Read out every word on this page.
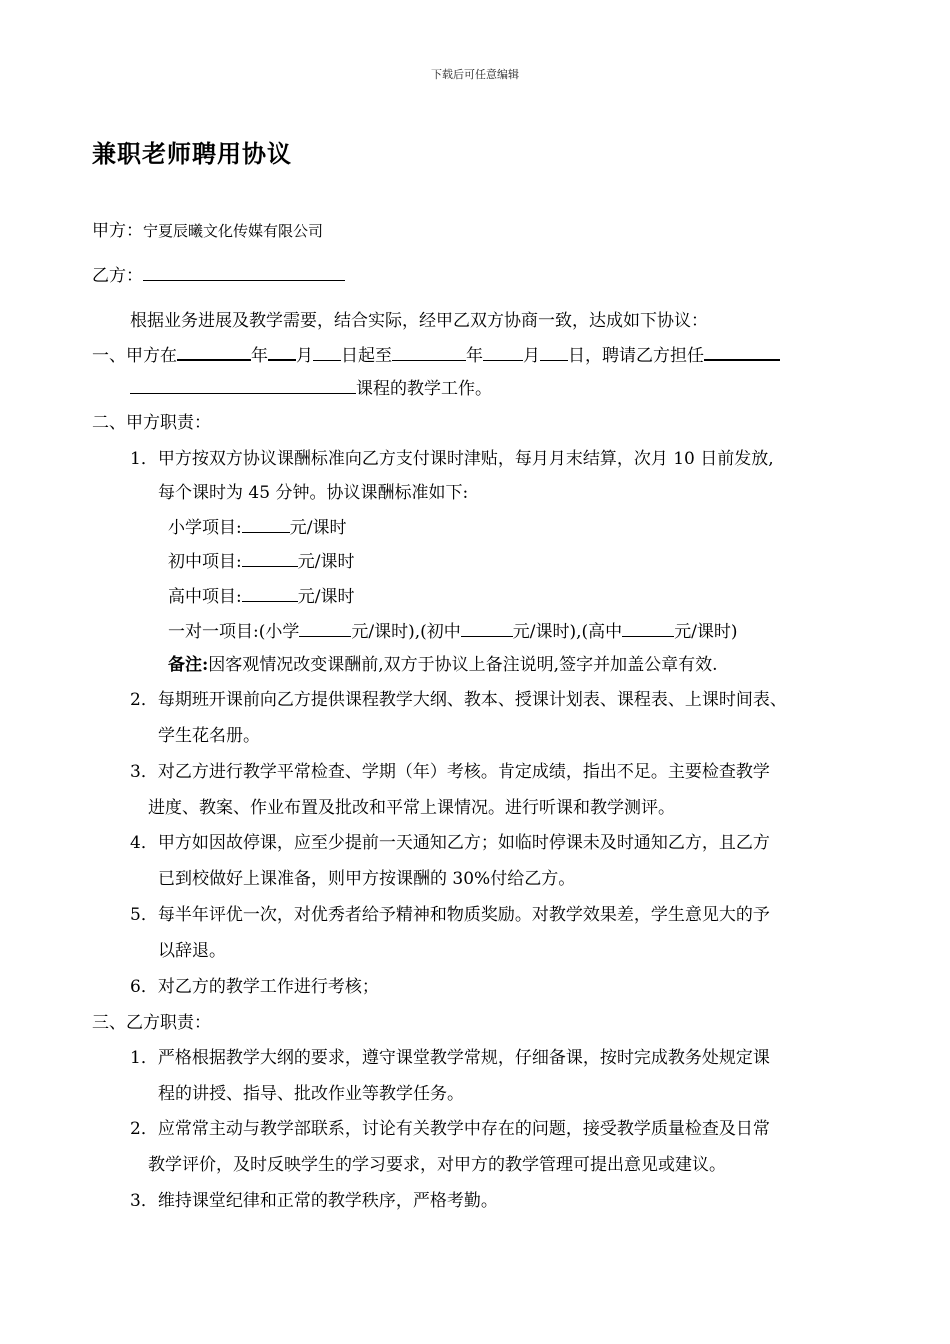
下载后可任意编辑
兼职老师聘用协议
甲方：宁夏辰曦文化传媒有限公司
乙方：
根据业务进展及教学需要，结合实际，经甲乙双方协商一致，达成如下协议：
一、甲方在	年 月 日起至	年 月 日，聘请乙方担任
课程的教学工作。
二、甲方职责：
1．甲方按双方协议课酬标准向乙方支付课时津贴，每月月末结算，次月 10 日前发放,
每个课时为 45 分钟。协议课酬标准如下:
小学项目:	元/课时
初中项目:	元/课时
高中项目:	元/课时
一对一项目:(小学	元/课时),(初中	元/课时),(高中	元/课时)
备注:因客观情况改变课酬前,双方于协议上备注说明,签字并加盖公章有效.
2．每期班开课前向乙方提供课程教学大纲、教本、授课计划表、课程表、上课时间表、
学生花名册。
3．对乙方进行教学平常检查、学期（年）考核。肯定成绩，指出不足。主要检查教学
进度、教案、作业布置及批改和平常上课情况。进行听课和教学测评。
4．甲方如因故停课，应至少提前一天通知乙方；如临时停课未及时通知乙方，且乙方
已到校做好上课准备，则甲方按课酬的 30%付给乙方。
5．每半年评优一次，对优秀者给予精神和物质奖励。对教学效果差，学生意见大的予
以辞退。
6．对乙方的教学工作进行考核；
三、乙方职责：
1．严格根据教学大纲的要求，遵守课堂教学常规，仔细备课，按时完成教务处规定课
程的讲授、指导、批改作业等教学任务。
2．应常常主动与教学部联系，讨论有关教学中存在的问题，接受教学质量检查及日常
教学评价，及时反映学生的学习要求，对甲方的教学管理可提出意见或建议。
3．维持课堂纪律和正常的教学秩序，严格考勤。
